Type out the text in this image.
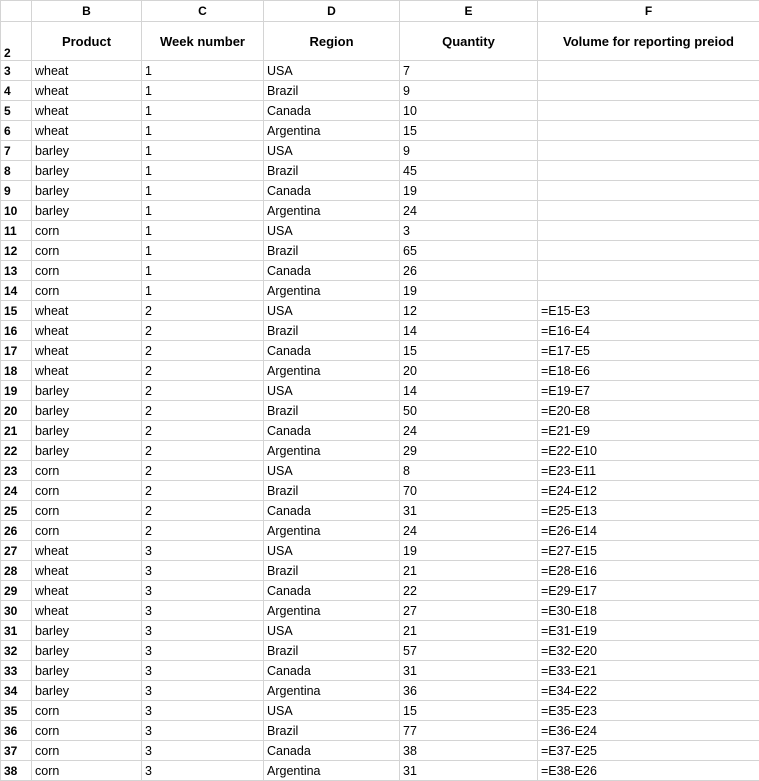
	B	C	D	E	F
2	Product	Week number	Region	Quantity	Volume for reporting preiod
3	wheat	1	USA	7	
4	wheat	1	Brazil	9	
5	wheat	1	Canada	10	
6	wheat	1	Argentina	15	
7	barley	1	USA	9	
8	barley	1	Brazil	45	
9	barley	1	Canada	19	
10	barley	1	Argentina	24	
11	corn	1	USA	3	
12	corn	1	Brazil	65	
13	corn	1	Canada	26	
14	corn	1	Argentina	19	
15	wheat	2	USA	12	=E15-E3
16	wheat	2	Brazil	14	=E16-E4
17	wheat	2	Canada	15	=E17-E5
18	wheat	2	Argentina	20	=E18-E6
19	barley	2	USA	14	=E19-E7
20	barley	2	Brazil	50	=E20-E8
21	barley	2	Canada	24	=E21-E9
22	barley	2	Argentina	29	=E22-E10
23	corn	2	USA	8	=E23-E11
24	corn	2	Brazil	70	=E24-E12
25	corn	2	Canada	31	=E25-E13
26	corn	2	Argentina	24	=E26-E14
27	wheat	3	USA	19	=E27-E15
28	wheat	3	Brazil	21	=E28-E16
29	wheat	3	Canada	22	=E29-E17
30	wheat	3	Argentina	27	=E30-E18
31	barley	3	USA	21	=E31-E19
32	barley	3	Brazil	57	=E32-E20
33	barley	3	Canada	31	=E33-E21
34	barley	3	Argentina	36	=E34-E22
35	corn	3	USA	15	=E35-E23
36	corn	3	Brazil	77	=E36-E24
37	corn	3	Canada	38	=E37-E25
38	corn	3	Argentina	31	=E38-E26
